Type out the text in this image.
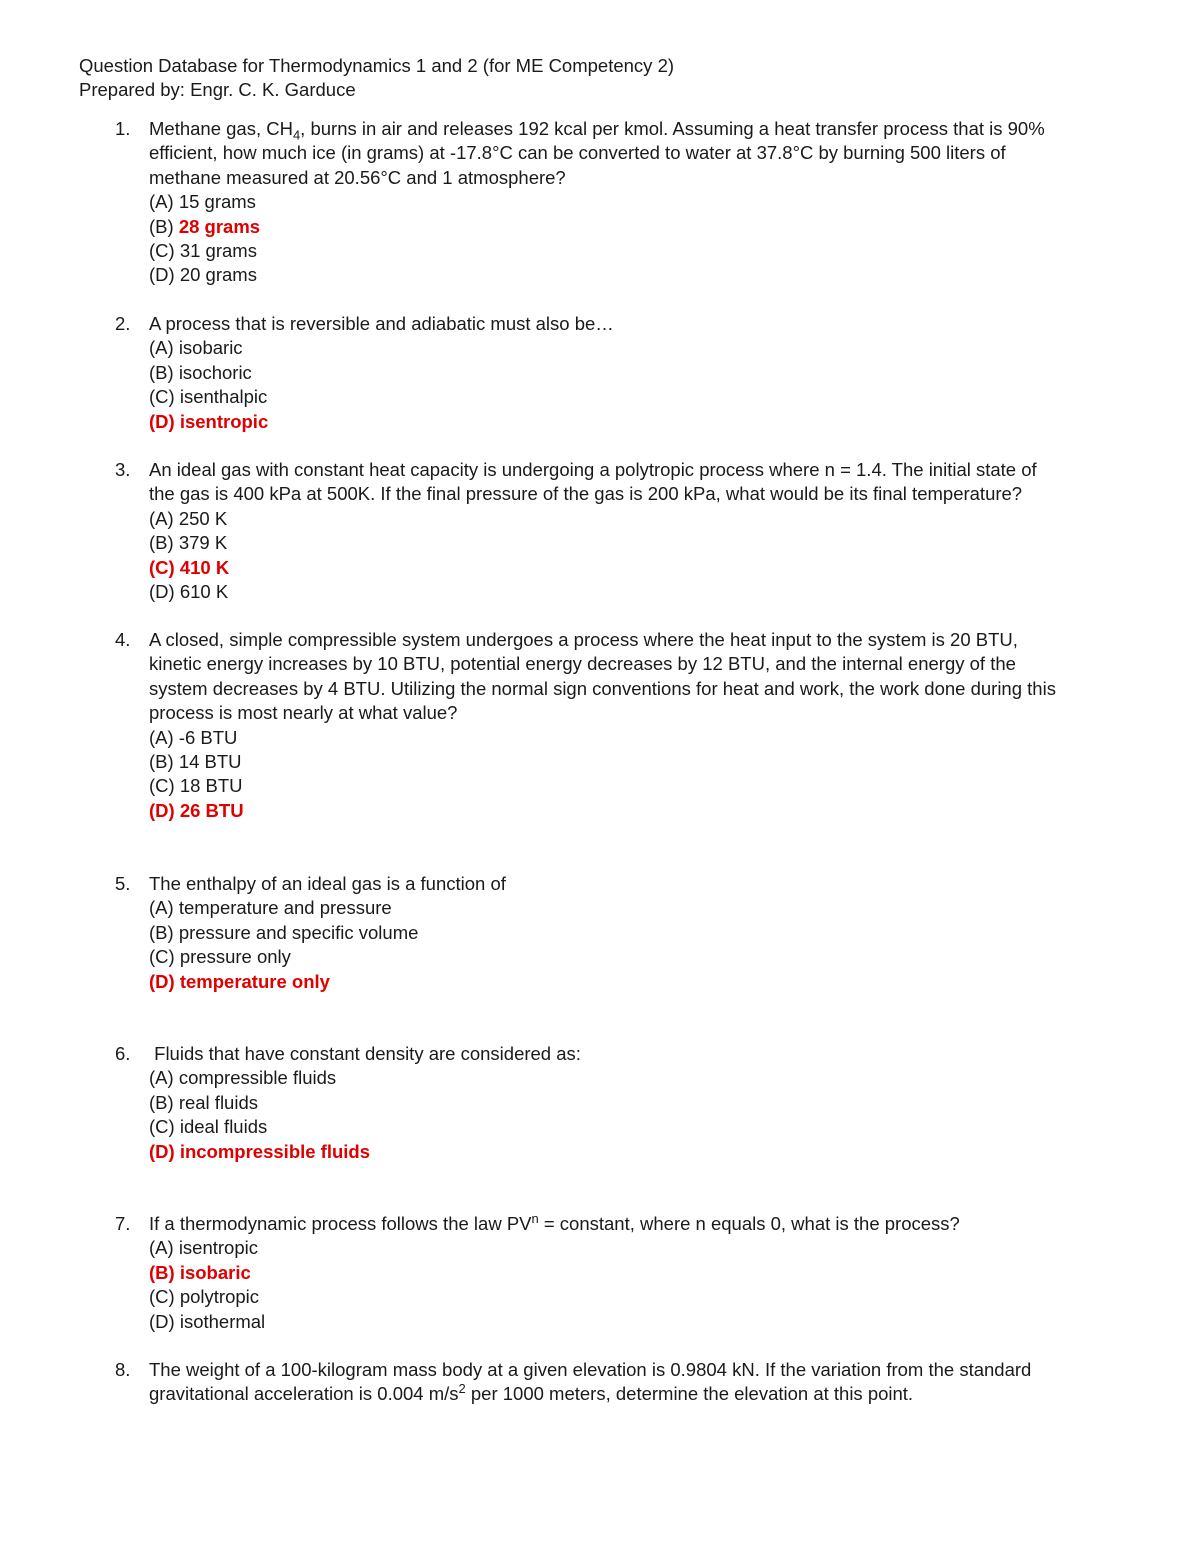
Question Database for Thermodynamics 1 and 2 (for ME Competency 2)
Prepared by: Engr. C. K. Garduce
1.	Methane gas, $CH_4$, burns in air and releases 192 kcal per kmol. Assuming a heat transfer process that is 90%
efficient, how much ice (in grams) at -17.8°C can be converted to water at 37.8°C by burning 500 liters of
methane measured at 20.56°C and 1 atmosphere?
(A) 15 grams
(B) 28 grams
(C) 31 grams
(D) 20 grams
2.	A process that is reversible and adiabatic must also be…
(A) isobaric
(B) isochoric
(C) isenthalpic
(D) isentropic
3.	An ideal gas with constant heat capacity is undergoing a polytropic process where n = 1.4. The initial state of
the gas is 400 kPa at 500K. If the final pressure of the gas is 200 kPa, what would be its final temperature?
(A) 250 K
(B) 379 K
(C) 410 K
(D) 610 K
4.	A closed, simple compressible system undergoes a process where the heat input to the system is 20 BTU,
kinetic energy increases by 10 BTU, potential energy decreases by 12 BTU, and the internal energy of the
system decreases by 4 BTU. Utilizing the normal sign conventions for heat and work, the work done during this
process is most nearly at what value?
(A) -6 BTU
(B) 14 BTU
(C) 18 BTU
(D) 26 BTU
5.	The enthalpy of an ideal gas is a function of
(A) temperature and pressure
(B) pressure and specific volume
(C) pressure only
(D) temperature only
6.	Fluids that have constant density are considered as:
(A) compressible fluids
(B) real fluids
(C) ideal fluids
(D) incompressible fluids
7.	If a thermodynamic process follows the law $PV^n$ = constant, where n equals 0, what is the process?
(A) isentropic
(B) isobaric
(C) polytropic
(D) isothermal
8.	The weight of a 100-kilogram mass body at a given elevation is 0.9804 kN. If the variation from the standard
gravitational acceleration is 0.004 $m/s^2$ per 1000 meters, determine the elevation at this point.
